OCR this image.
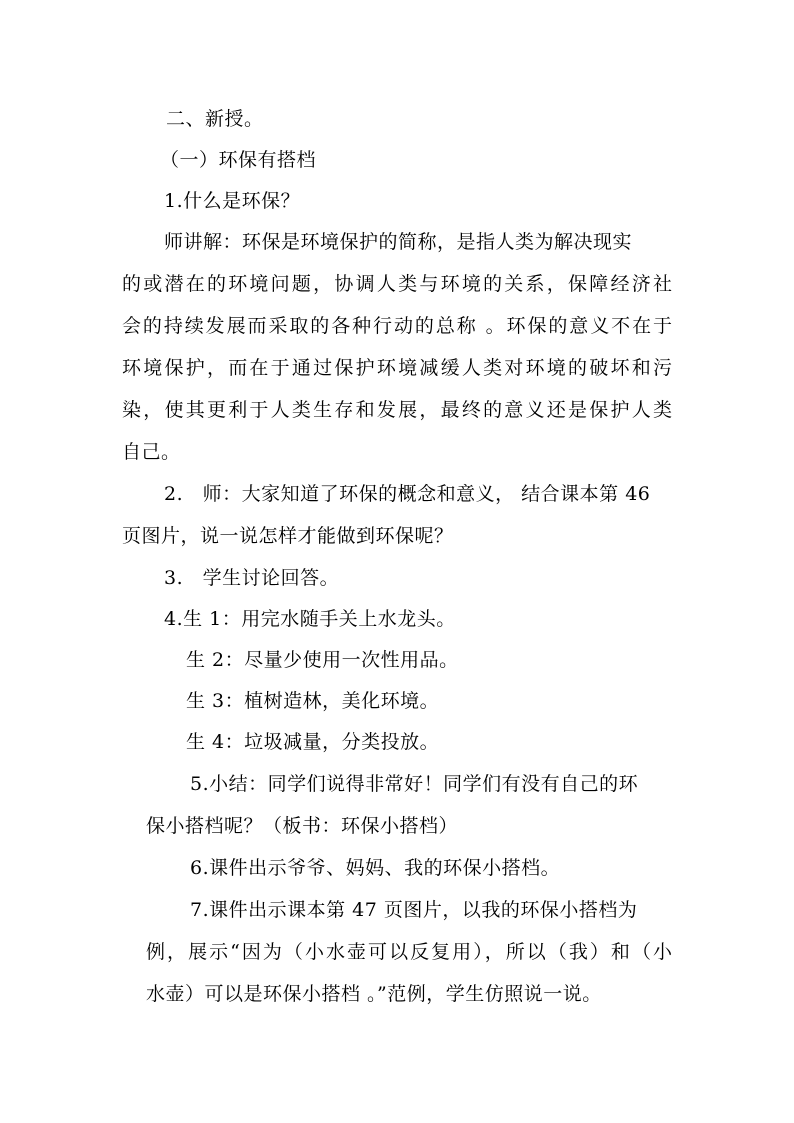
二、新授。
（一）环保有搭档
1.什么是环保？
师讲解：环保是环境保护的简称，是指人类为解决现实
的或潜在的环境问题，协调人类与环境的关系，保障经济社
会的持续发展而采取的各种行动的总称 。环保的意义不在于
环境保护，而在于通过保护环境减缓人类对环境的破坏和污
染，使其更利于人类生存和发展，最终的意义还是保护人类
自己。
2.　师：大家知道了环保的概念和意义， 结合课本第 46
页图片，说一说怎样才能做到环保呢？
3.　学生讨论回答。
4.生 1：用完水随手关上水龙头。
生 2：尽量少使用一次性用品。
生 3：植树造林，美化环境。
生 4：垃圾减量，分类投放。
5.小结：同学们说得非常好！同学们有没有自己的环
保小搭档呢？（板书：环保小搭档）
6.课件出示爷爷、妈妈、我的环保小搭档。
7.课件出示课本第 47 页图片，以我的环保小搭档为
例，展示“因为（小水壶可以反复用），所以（我）和（小
水壶）可以是环保小搭档 。”范例，学生仿照说一说。
